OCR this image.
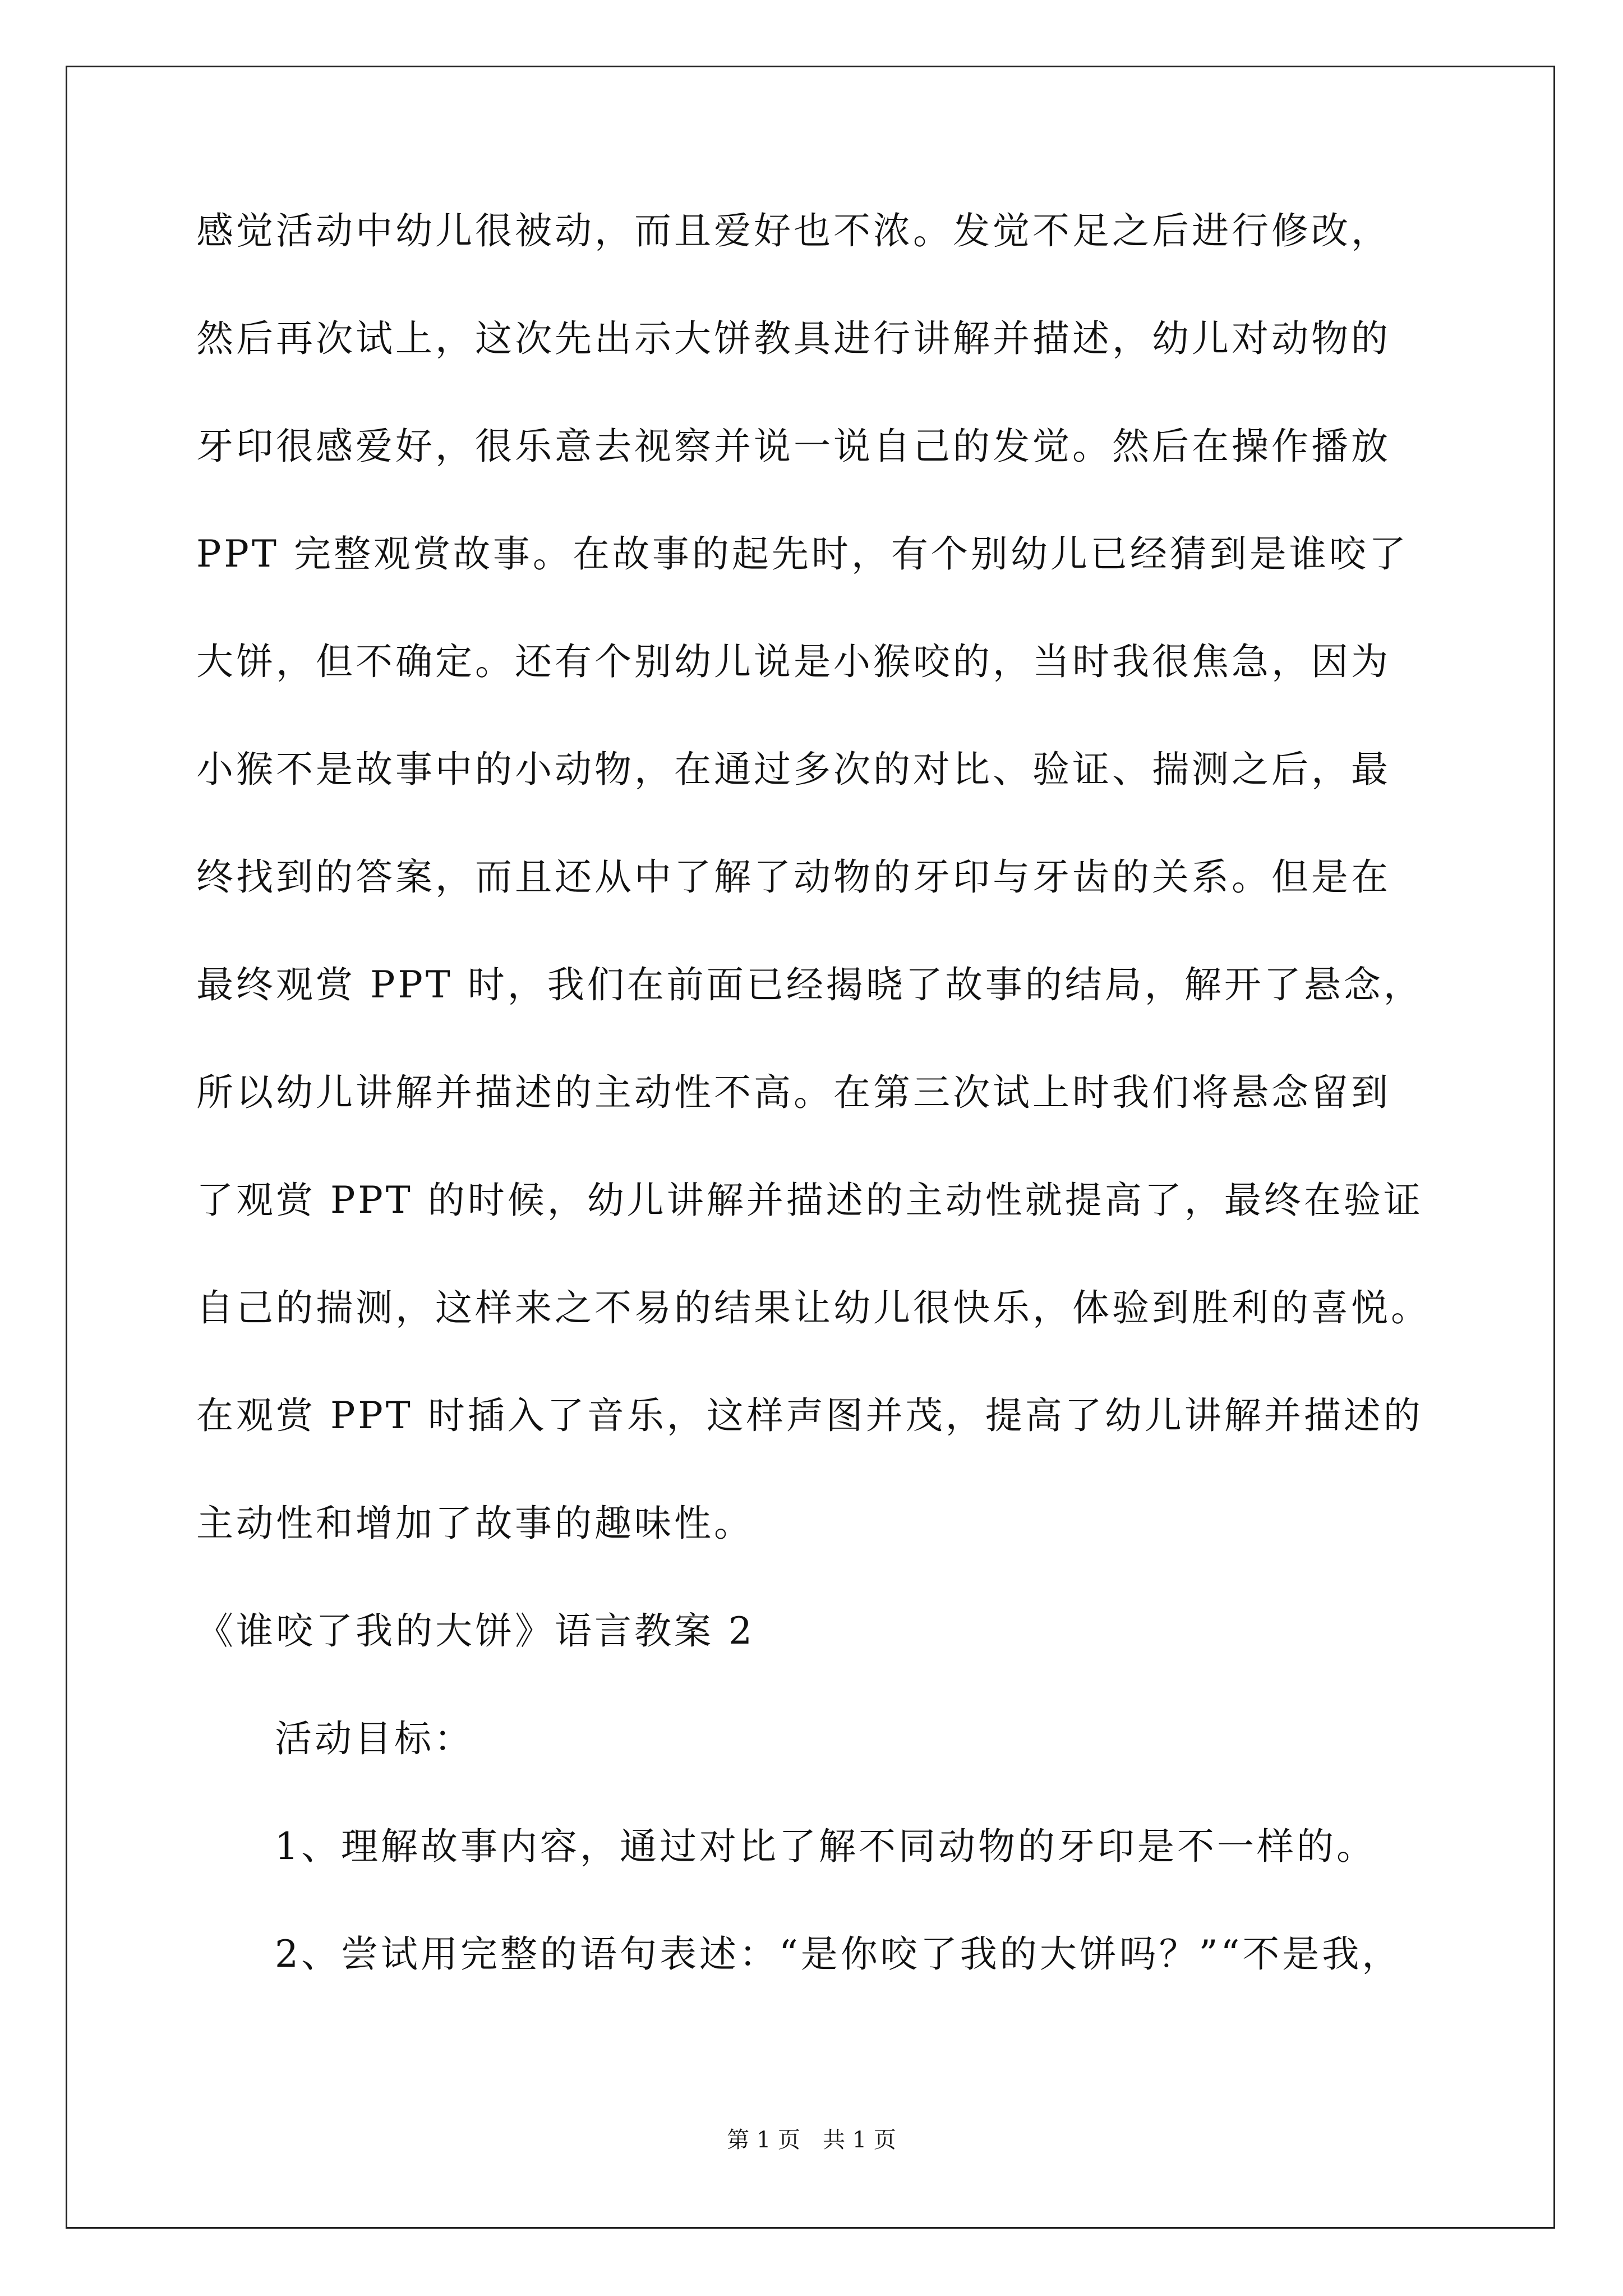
感觉活动中幼儿很被动，而且爱好也不浓。发觉不足之后进行修改，
然后再次试上，这次先出示大饼教具进行讲解并描述，幼儿对动物的
牙印很感爱好，很乐意去视察并说一说自己的发觉。然后在操作播放
PPT 完整观赏故事。在故事的起先时，有个别幼儿已经猜到是谁咬了
大饼，但不确定。还有个别幼儿说是小猴咬的，当时我很焦急，因为
小猴不是故事中的小动物，在通过多次的对比、验证、揣测之后，最
终找到的答案，而且还从中了解了动物的牙印与牙齿的关系。但是在
最终观赏 PPT 时，我们在前面已经揭晓了故事的结局，解开了悬念，
所以幼儿讲解并描述的主动性不高。在第三次试上时我们将悬念留到
了观赏 PPT 的时候，幼儿讲解并描述的主动性就提高了，最终在验证
自己的揣测，这样来之不易的结果让幼儿很快乐，体验到胜利的喜悦。
在观赏 PPT 时插入了音乐，这样声图并茂，提高了幼儿讲解并描述的
主动性和增加了故事的趣味性。
《谁咬了我的大饼》语言教案 2
活动目标：
1、理解故事内容，通过对比了解不同动物的牙印是不一样的。
2、尝试用完整的语句表述：“是你咬了我的大饼吗？”“不是我，
第 1 页　共 1 页
